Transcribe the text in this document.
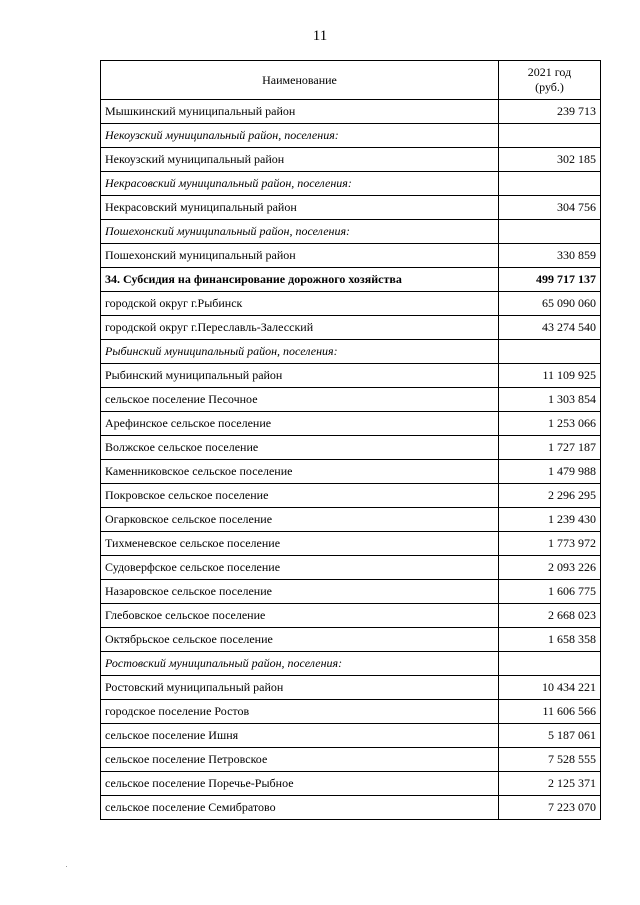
11
Наименование	2021 год
(руб.)
Мышкинский муниципальный район	239 713
Некоузский муниципальный район, поселения:	
Некоузский муниципальный район	302 185
Некрасовский муниципальный район, поселения:	
Некрасовский муниципальный район	304 756
Пошехонский муниципальный район, поселения:	
Пошехонский муниципальный район	330 859
34. Субсидия на финансирование дорожного хозяйства	499 717 137
городской округ г.Рыбинск	65 090 060
городской округ г.Переславль-Залесский	43 274 540
Рыбинский муниципальный район, поселения:	
Рыбинский муниципальный район	11 109 925
сельское поселение Песочное	1 303 854
Арефинское сельское поселение	1 253 066
Волжское сельское поселение	1 727 187
Каменниковское сельское поселение	1 479 988
Покровское сельское поселение	2 296 295
Огарковское сельское поселение	1 239 430
Тихменевское сельское поселение	1 773 972
Судоверфское сельское поселение	2 093 226
Назаровское сельское поселение	1 606 775
Глебовское сельское поселение	2 668 023
Октябрьское сельское поселение	1 658 358
Ростовский муниципальный район, поселения:	
Ростовский муниципальный район	10 434 221
городское поселение Ростов	11 606 566
сельское поселение Ишня	5 187 061
сельское поселение Петровское	7 528 555
сельское поселение Поречье-Рыбное	2 125 371
сельское поселение Семибратово	7 223 070
